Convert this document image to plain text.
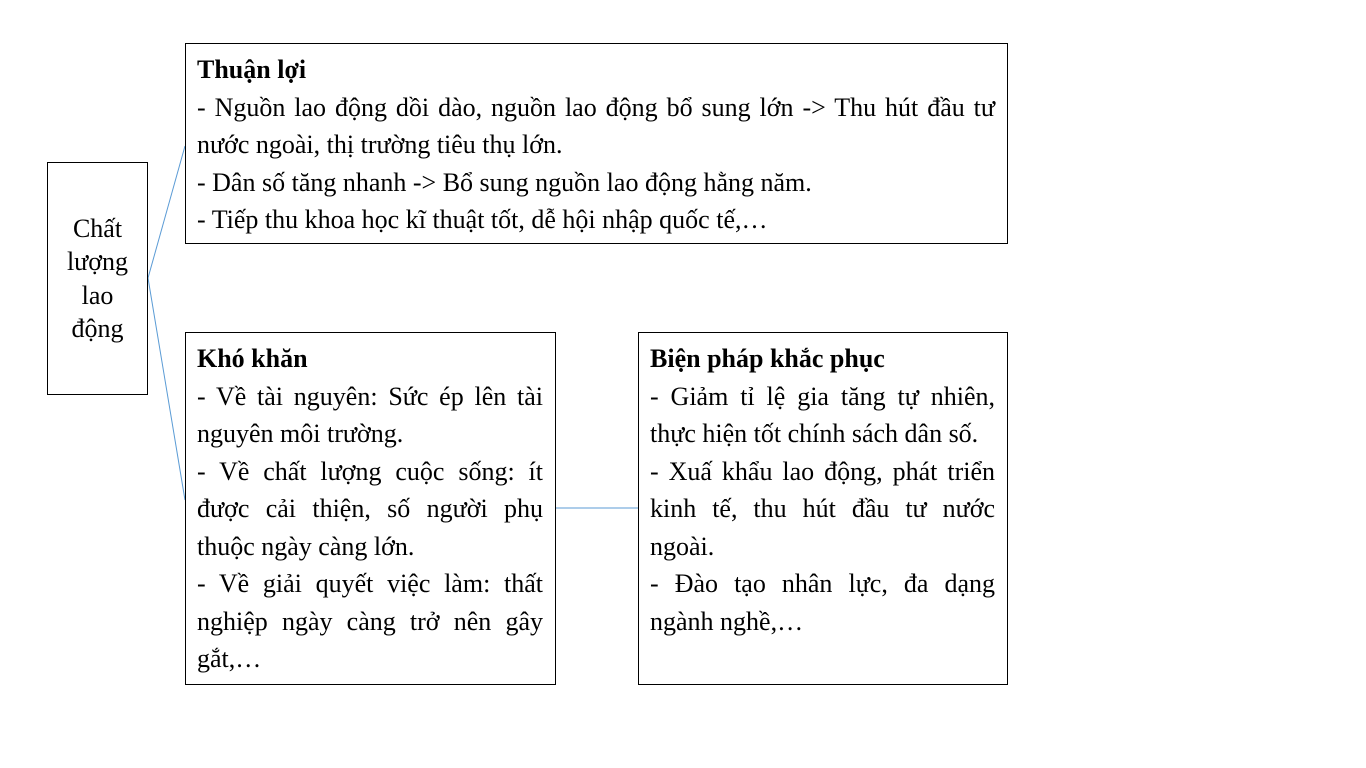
Chất lượng lao động

Thuận lợi

- Nguồn lao động dồi dào, nguồn lao động bổ sung lớn -> Thu hút đầu tư nước ngoài, thị trường tiêu thụ lớn.

- Dân số tăng nhanh -> Bổ sung nguồn lao động hằng năm.

- Tiếp thu khoa học kĩ thuật tốt, dễ hội nhập quốc tế,…

Khó khăn

- Về tài nguyên: Sức ép lên tài nguyên môi trường.

- Về chất lượng cuộc sống: ít được cải thiện, số người phụ thuộc ngày càng lớn.

- Về giải quyết việc làm: thất nghiệp ngày càng trở nên gây gắt,…

Biện pháp khắc phục

- Giảm tỉ lệ gia tăng tự nhiên, thực hiện tốt chính sách dân số.

- Xuấ khẩu lao động, phát triển kinh tế, thu hút đầu tư nước ngoài.

- Đào tạo nhân lực, đa dạng ngành nghề,…
